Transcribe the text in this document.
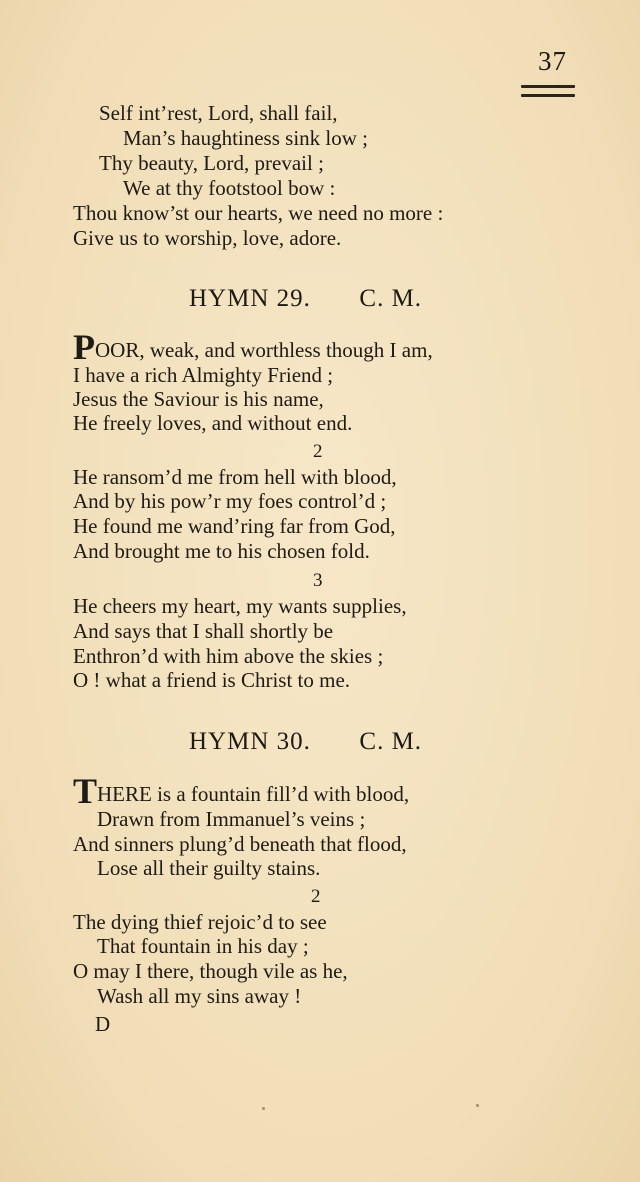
37
Self int’rest, Lord, shall fail,
Man’s haughtiness sink low ;
Thy beauty, Lord, prevail ;
We at thy footstool bow :
Thou know’st our hearts, we need no more :
Give us to worship, love, adore.
HYMN 29. C. M.
POOR, weak, and worthless though I am,
I have a rich Almighty Friend ;
Jesus the Saviour is his name,
He freely loves, and without end.
2
He ransom’d me from hell with blood,
And by his pow’r my foes control’d ;
He found me wand’ring far from God,
And brought me to his chosen fold.
3
He cheers my heart, my wants supplies,
And says that I shall shortly be
Enthron’d with him above the skies ;
O ! what a friend is Christ to me.
HYMN 30. C. M.
THERE is a fountain fill’d with blood,
Drawn from Immanuel’s veins ;
And sinners plung’d beneath that flood,
Lose all their guilty stains.
2
The dying thief rejoic’d to see
That fountain in his day ;
O may I there, though vile as he,
Wash all my sins away !
D
